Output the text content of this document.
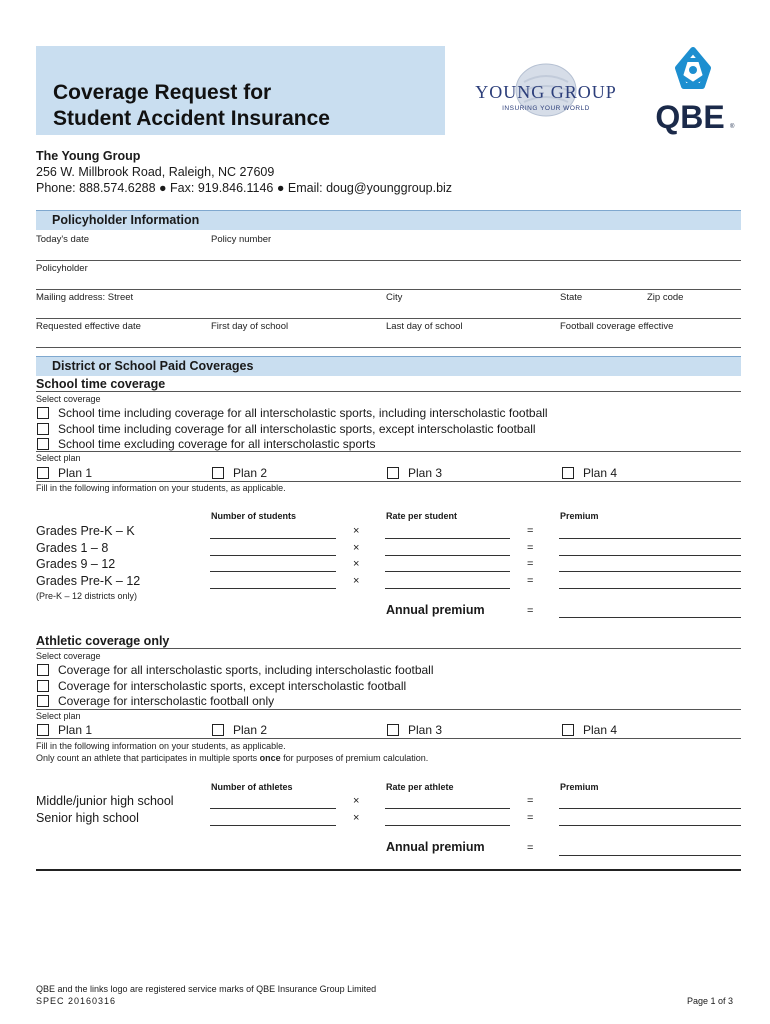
Coverage Request for
Student Accident Insurance
YOUNG GROUP
INSURING YOUR WORLD QBE ®
The Young Group
256 W. Millbrook Road, Raleigh, NC 27609
Phone: 888.574.6288 ● Fax: 919.846.1146 ● Email: doug@younggroup.biz
Policyholder Information
Today's date	Policy number
Policyholder
Mailing address: Street	City	State	Zip code
Requested effective date	First day of school	Last day of school	Football coverage effective
District or School Paid Coverages
School time coverage
Select coverage
School time including coverage for all interscholastic sports, including interscholastic football
School time including coverage for all interscholastic sports, except interscholastic football
School time excluding coverage for all interscholastic sports
Select plan
Plan 1	Plan 2	Plan 3	Plan 4
Fill in the following information on your students, as applicable.
Number of students	Rate per student	Premium
Grades Pre-K – K	×	=
Grades 1 – 8	×	=
Grades 9 – 12	×	=
Grades Pre-K – 12	×	=
(Pre-K – 12 districts only)
Annual premium	=
Athletic coverage only
Select coverage
Coverage for all interscholastic sports, including interscholastic football
Coverage for interscholastic sports, except interscholastic football
Coverage for interscholastic football only
Select plan
Plan 1	Plan 2	Plan 3	Plan 4
Fill in the following information on your students, as applicable.
Only count an athlete that participates in multiple sports once for purposes of premium calculation.
Number of athletes	Rate per athlete	Premium
Middle/junior high school	×	=
Senior high school	×	=
Annual premium	=
QBE and the links logo are registered service marks of QBE Insurance Group Limited
SPEC 20160316	Page 1 of 3
